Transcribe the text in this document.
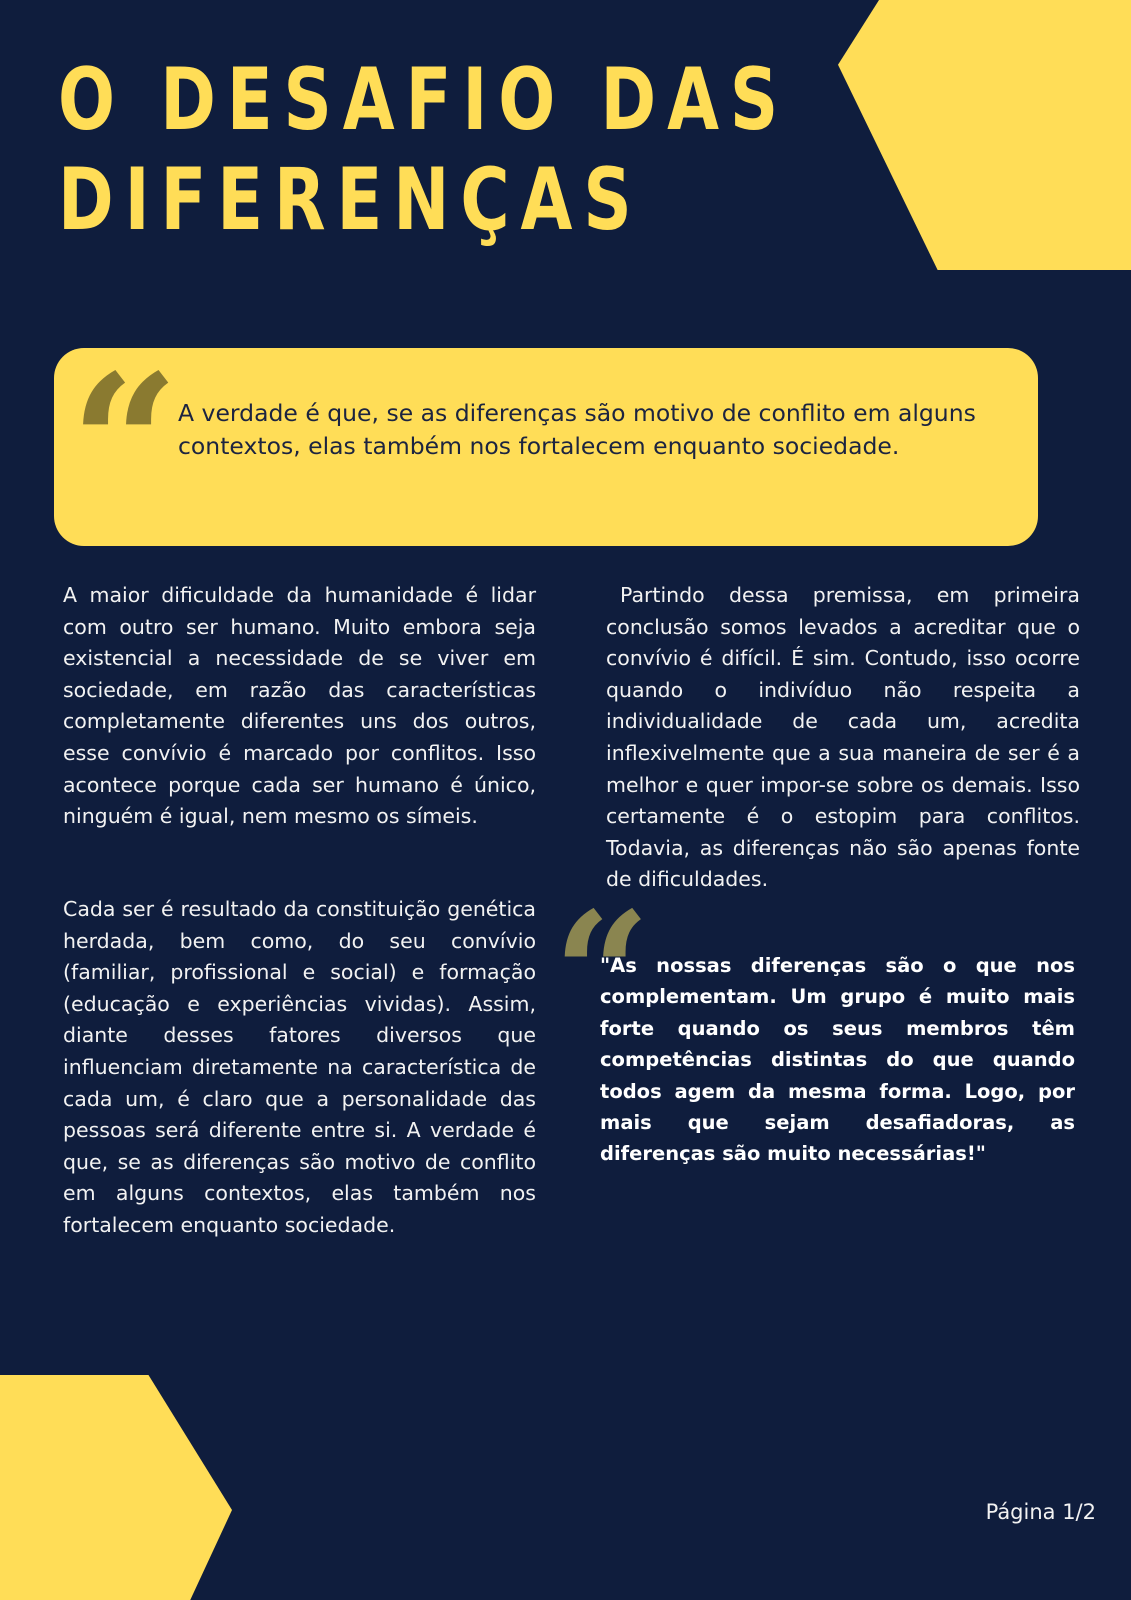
O DESAFIO DAS
DIFERENÇAS
“

A verdade é que, se as diferenças são motivo de conflito em alguns contextos, elas também nos fortalecem enquanto sociedade.

A maior dificuldade da humanidade é lidar com outro ser humano. Muito embora seja existencial a necessidade de se viver em sociedade, em razão das características completamente diferentes uns dos outros, esse convívio é marcado por conflitos. Isso acontece porque cada ser humano é único, ninguém é igual, nem mesmo os símeis.

Cada ser é resultado da constituição genética herdada, bem como, do seu convívio (familiar, profissional e social) e formação (educação e experiências vividas). Assim, diante desses fatores diversos que influenciam diretamente na característica de cada um, é claro que a personalidade das pessoas será diferente entre si. A verdade é que, se as diferenças são motivo de conflito em alguns contextos, elas também nos fortalecem enquanto sociedade.

Partindo dessa premissa, em primeira conclusão somos levados a acreditar que o convívio é difícil. É sim. Contudo, isso ocorre quando o indivíduo não respeita a individualidade de cada um, acredita inflexivelmente que a sua maneira de ser é a melhor e quer impor-se sobre os demais. Isso certamente é o estopim para conflitos. Todavia, as diferenças não são apenas fonte de dificuldades.

“

"As nossas diferenças são o que nos complementam. Um grupo é muito mais forte quando os seus membros têm competências distintas do que quando todos agem da mesma forma. Logo, por mais que sejam desafiadoras, as diferenças são muito necessárias!"

Página 1/2
